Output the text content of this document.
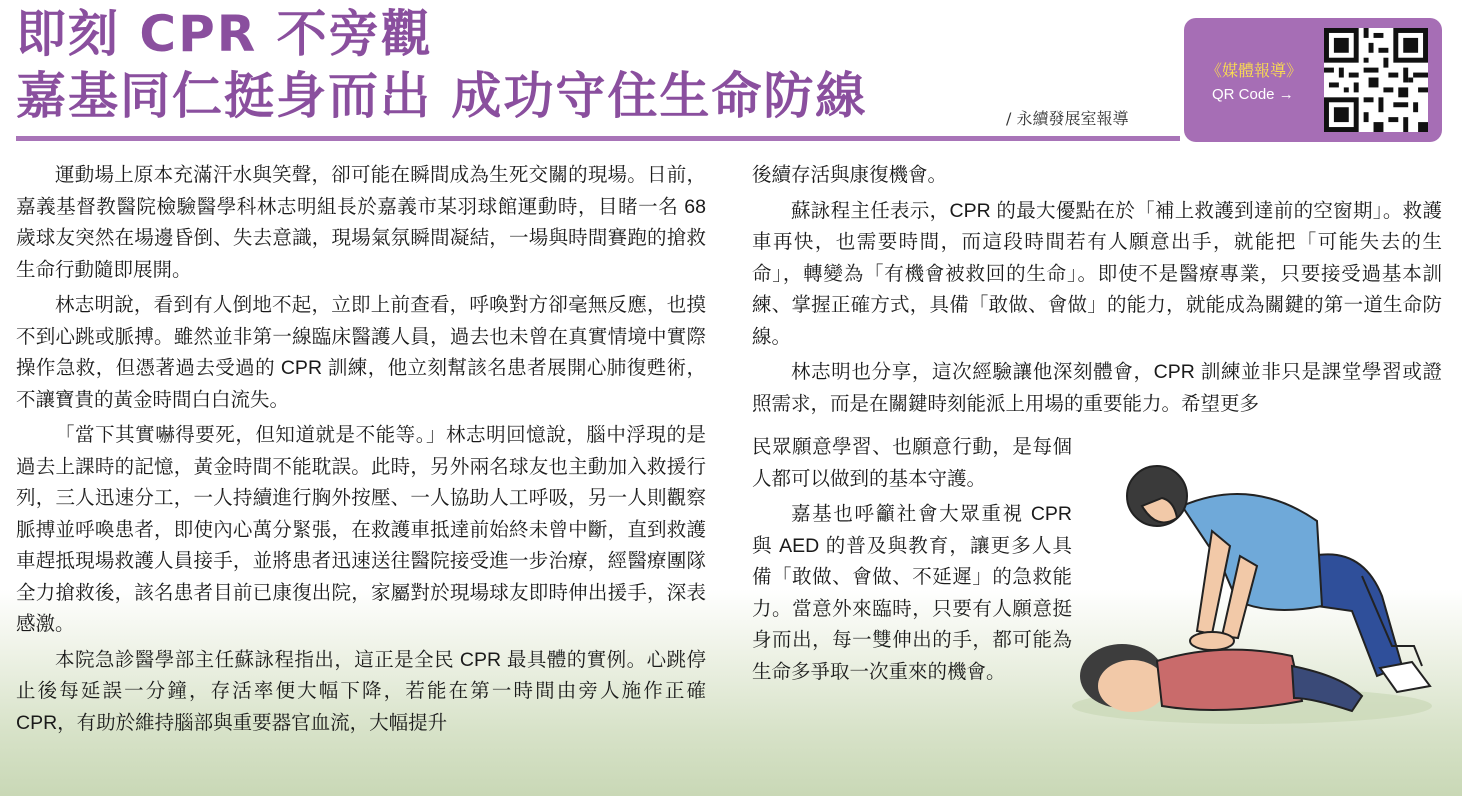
即刻 CPR 不旁觀
嘉基同仁挺身而出 成功守住生命防線	/ 永續發展室報導
《媒體報導》
QR Code →

運動場上原本充滿汗水與笑聲，卻可能在瞬間成為生死交關的現場。日前，嘉義基督教醫院檢驗醫學科林志明組長於嘉義市某羽球館運動時，目睹一名 68 歲球友突然在場邊昏倒、失去意識，現場氣氛瞬間凝結，一場與時間賽跑的搶救生命行動隨即展開。

林志明說，看到有人倒地不起，立即上前查看，呼喚對方卻毫無反應，也摸不到心跳或脈搏。雖然並非第一線臨床醫護人員，過去也未曾在真實情境中實際操作急救，但憑著過去受過的 CPR 訓練，他立刻幫該名患者展開心肺復甦術，不讓寶貴的黃金時間白白流失。

「當下其實嚇得要死，但知道就是不能等。」林志明回憶說，腦中浮現的是過去上課時的記憶，黃金時間不能耽誤。此時，另外兩名球友也主動加入救援行列，三人迅速分工，一人持續進行胸外按壓、一人協助人工呼吸，另一人則觀察脈搏並呼喚患者，即使內心萬分緊張，在救護車抵達前始終未曾中斷，直到救護車趕抵現場救護人員接手，並將患者迅速送往醫院接受進一步治療，經醫療團隊全力搶救後，該名患者目前已康復出院，家屬對於現場球友即時伸出援手，深表感激。

本院急診醫學部主任蘇詠程指出，這正是全民 CPR 最具體的實例。心跳停止後每延誤一分鐘，存活率便大幅下降，若能在第一時間由旁人施作正確 CPR，有助於維持腦部與重要器官血流，大幅提升

後續存活與康復機會。

蘇詠程主任表示，CPR 的最大優點在於「補上救護到達前的空窗期」。救護車再快，也需要時間，而這段時間若有人願意出手，就能把「可能失去的生命」，轉變為「有機會被救回的生命」。即使不是醫療專業，只要接受過基本訓練、掌握正確方式，具備「敢做、會做」的能力，就能成為關鍵的第一道生命防線。

林志明也分享，這次經驗讓他深刻體會，CPR 訓練並非只是課堂學習或證照需求，而是在關鍵時刻能派上用場的重要能力。希望更多

民眾願意學習、也願意行動，是每個人都可以做到的基本守護。

嘉基也呼籲社會大眾重視 CPR 與 AED 的普及與教育，讓更多人具備「敢做、會做、不延遲」的急救能力。當意外來臨時，只要有人願意挺身而出，每一雙伸出的手，都可能為生命多爭取一次重來的機會。
